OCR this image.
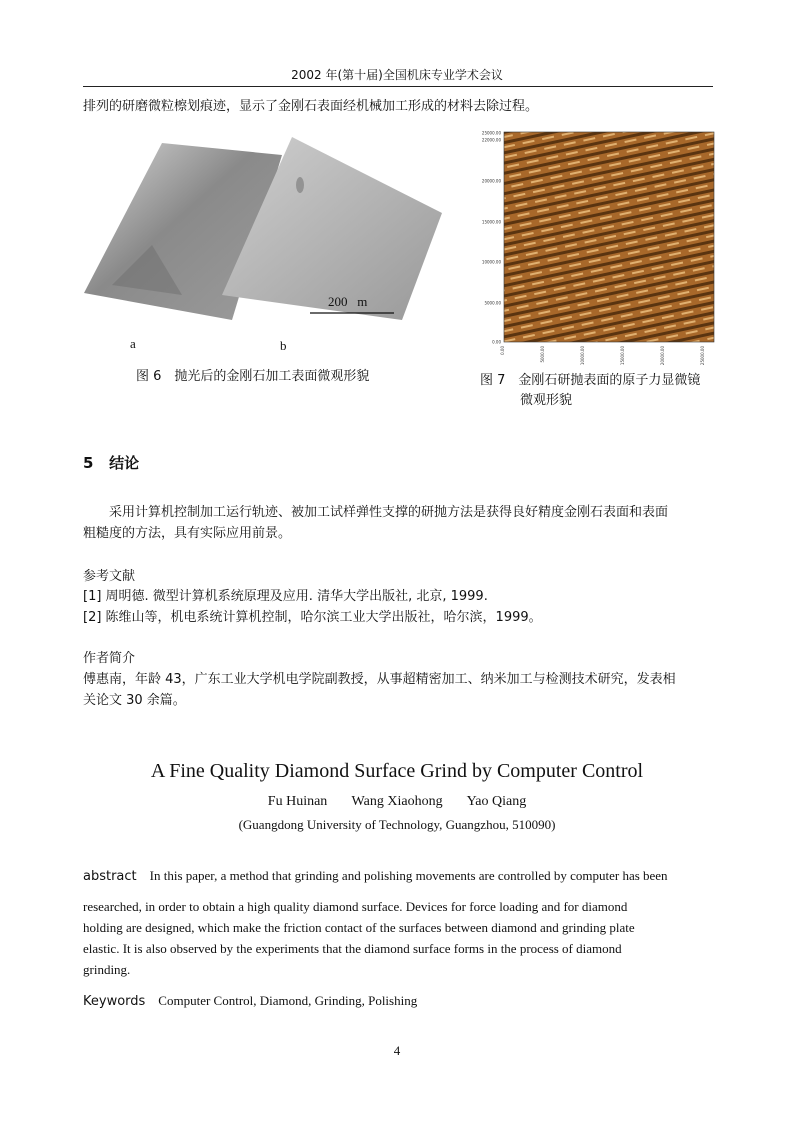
2002 年(第十届)全国机床专业学术会议
排列的研磨微粒檫划痕迹，显示了金刚石表面经机械加工形成的材料去除过程。
200 m
a	b
图 6　抛光后的金刚石加工表面微观形貌
25000.00
22000.00
20000.00
15000.00
10000.00
5000.00
0.00
0.00	5000.00	10000.00	15000.00	20000.00	25000.00
图 7　金刚石研抛表面的原子力显微镜
微观形貌
5 结论
采用计算机控制加工运行轨迹、被加工试样弹性支撑的研抛方法是获得良好精度金刚石表面和表面
粗糙度的方法，具有实际应用前景。
参考文献
[1] 周明德. 微型计算机系统原理及应用. 清华大学出版社, 北京, 1999.
[2] 陈维山等，机电系统计算机控制，哈尔滨工业大学出版社，哈尔滨，1999。
作者简介
傅惠南，年龄 43，广东工业大学机电学院副教授，从事超精密加工、纳米加工与检测技术研究，发表相
关论文 30 余篇。
A Fine Quality Diamond Surface Grind by Computer Control
Fu Huinan Wang Xiaohong Yao Qiang
(Guangdong University of Technology, Guangzhou, 510090)
abstract In this paper, a method that grinding and polishing movements are controlled by computer has been
researched, in order to obtain a high quality diamond surface. Devices for force loading and for diamond
holding are designed, which make the friction contact of the surfaces between diamond and grinding plate
elastic. It is also observed by the experiments that the diamond surface forms in the process of diamond
grinding.
Keywords Computer Control, Diamond, Grinding, Polishing
4
